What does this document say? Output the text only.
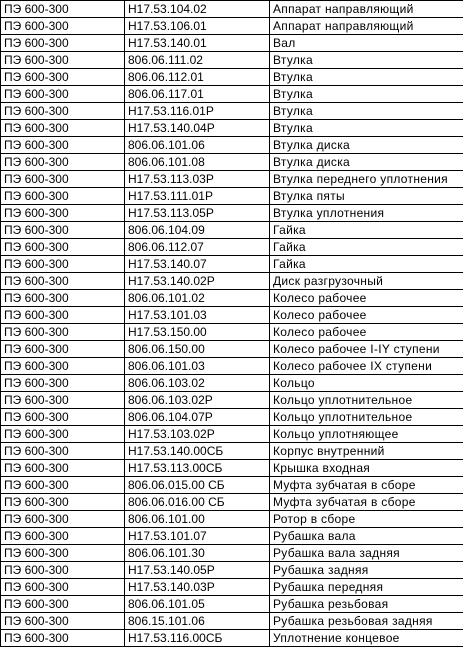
ПЭ 600-300	Н17.53.104.02	Аппарат направляющий
ПЭ 600-300	Н17.53.106.01	Аппарат направляющий
ПЭ 600-300	Н17.53.140.01	Вал
ПЭ 600-300	806.06.111.02	Втулка
ПЭ 600-300	806.06.112.01	Втулка
ПЭ 600-300	806.06.117.01	Втулка
ПЭ 600-300	Н17.53.116.01Р	Втулка
ПЭ 600-300	Н17.53.140.04Р	Втулка
ПЭ 600-300	806.06.101.06	Втулка диска
ПЭ 600-300	806.06.101.08	Втулка диска
ПЭ 600-300	Н17.53.113.03Р	Втулка переднего уплотнения
ПЭ 600-300	Н17.53.111.01Р	Втулка пяты
ПЭ 600-300	Н17.53.113.05Р	Втулка уплотнения
ПЭ 600-300	806.06.104.09	Гайка
ПЭ 600-300	806.06.112.07	Гайка
ПЭ 600-300	Н17.53.140.07	Гайка
ПЭ 600-300	Н17.53.140.02Р	Диск разгрузочный
ПЭ 600-300	806.06.101.02	Колесо рабочее
ПЭ 600-300	Н17.53.101.03	Колесо рабочее
ПЭ 600-300	Н17.53.150.00	Колесо рабочее
ПЭ 600-300	806.06.150.00	Колесо рабочее I-IY ступени
ПЭ 600-300	806.06.101.03	Колесо рабочее IX ступени
ПЭ 600-300	806.06.103.02	Кольцо
ПЭ 600-300	806.06.103.02Р	Кольцо уплотнительное
ПЭ 600-300	806.06.104.07Р	Кольцо уплотнительное
ПЭ 600-300	Н17.53.103.02Р	Кольцо уплотняющее
ПЭ 600-300	Н17.53.140.00СБ	Корпус внутренний
ПЭ 600-300	Н17.53.113.00СБ	Крышка входная
ПЭ 600-300	806.06.015.00 СБ	Муфта зубчатая в сборе
ПЭ 600-300	806.06.016.00 СБ	Муфта зубчатая в сборе
ПЭ 600-300	806.06.101.00	Ротор в сборе
ПЭ 600-300	Н17.53.101.07	Рубашка вала
ПЭ 600-300	806.06.101.30	Рубашка вала задняя
ПЭ 600-300	Н17.53.140.05Р	Рубашка задняя
ПЭ 600-300	Н17.53.140.03Р	Рубашка передняя
ПЭ 600-300	806.06.101.05	Рубашка резьбовая
ПЭ 600-300	806.15.101.06	Рубашка резьбовая задняя
ПЭ 600-300	Н17.53.116.00СБ	Уплотнение концевое
